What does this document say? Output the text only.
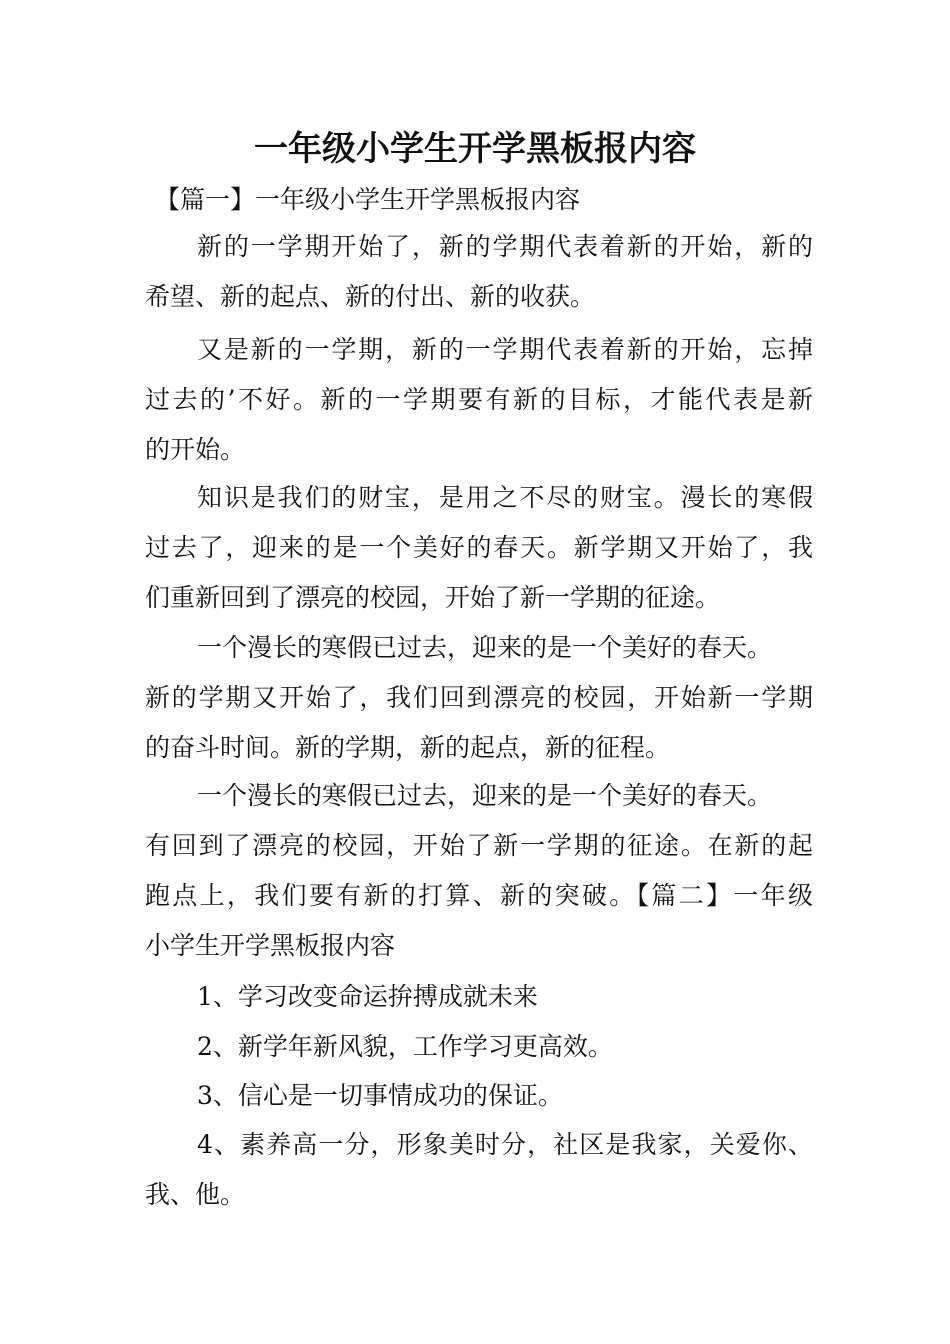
一年级小学生开学黑板报内容
【篇一】一年级小学生开学黑板报内容
新的一学期开始了，新的学期代表着新的开始，新的
希望、新的起点、新的付出、新的收获。
又是新的一学期，新的一学期代表着新的开始，忘掉
过去的’不好。新的一学期要有新的目标，才能代表是新
的开始。
知识是我们的财宝，是用之不尽的财宝。漫长的寒假
过去了，迎来的是一个美好的春天。新学期又开始了，我
们重新回到了漂亮的校园，开始了新一学期的征途。
一个漫长的寒假已过去，迎来的是一个美好的春天。
新的学期又开始了，我们回到漂亮的校园，开始新一学期
的奋斗时间。新的学期，新的起点，新的征程。
一个漫长的寒假已过去，迎来的是一个美好的春天。
有回到了漂亮的校园，开始了新一学期的征途。在新的起
跑点上，我们要有新的打算、新的突破。【篇二】一年级
小学生开学黑板报内容
1、学习改变命运拚搏成就未来
2、新学年新风貌，工作学习更高效。
3、信心是一切事情成功的保证。
4、素养高一分，形象美时分，社区是我家，关爱你、
我、他。
